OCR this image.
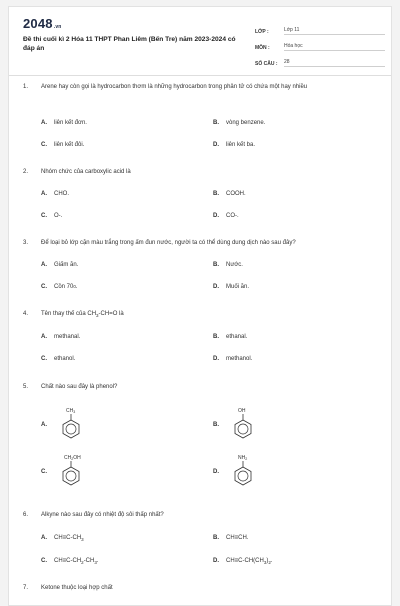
2048.vn
Đề thi cuối kì 2 Hóa 11 THPT Phan Liêm (Bến Tre) năm 2023-2024 có đáp án
LỚP :	Lớp 11
MÔN :	Hóa học
SỐ CÂU :	28
1.	Arene hay còn gọi là hydrocarbon thơm là những hydrocarbon trong phân tử có chứa một hay nhiều
A.	liên kết đơn.	B.	vòng benzene.
C.	liên kết đôi.	D.	liên kết ba.
2.	Nhóm chức của carboxylic acid là
A.	CHO.	B.	COOH.
C.	O-.	D.	CO-.
3.	Để loại bỏ lớp cặn màu trắng trong ấm đun nước, người ta có thể dùng dung dịch nào sau đây?
A.	Giấm ăn.	B.	Nước.
C.	Cồn 70 0 .	D.	Muối ăn.
4.	Tên thay thế của $CH_3-CH=O$ là
A.	methanal.	B.	ethanal.
C.	ethanol.	D.	methanol.
5.	Chất nào sau đây là phenol?
A.
$CH_3$
B.
OH
C.
$CH_2OH$
D.
$NH_2$
6.	Alkyne nào sau đây có nhiệt độ sôi thấp nhất?
A.	$CH\equiv C-CH_3$	B.	CH≡CH.
C.	$CH\equiv C-CH_2-CH_3$.	D.	$CH\equiv C-CH(CH_3)_2$.
7.	Ketone thuộc loại hợp chất
